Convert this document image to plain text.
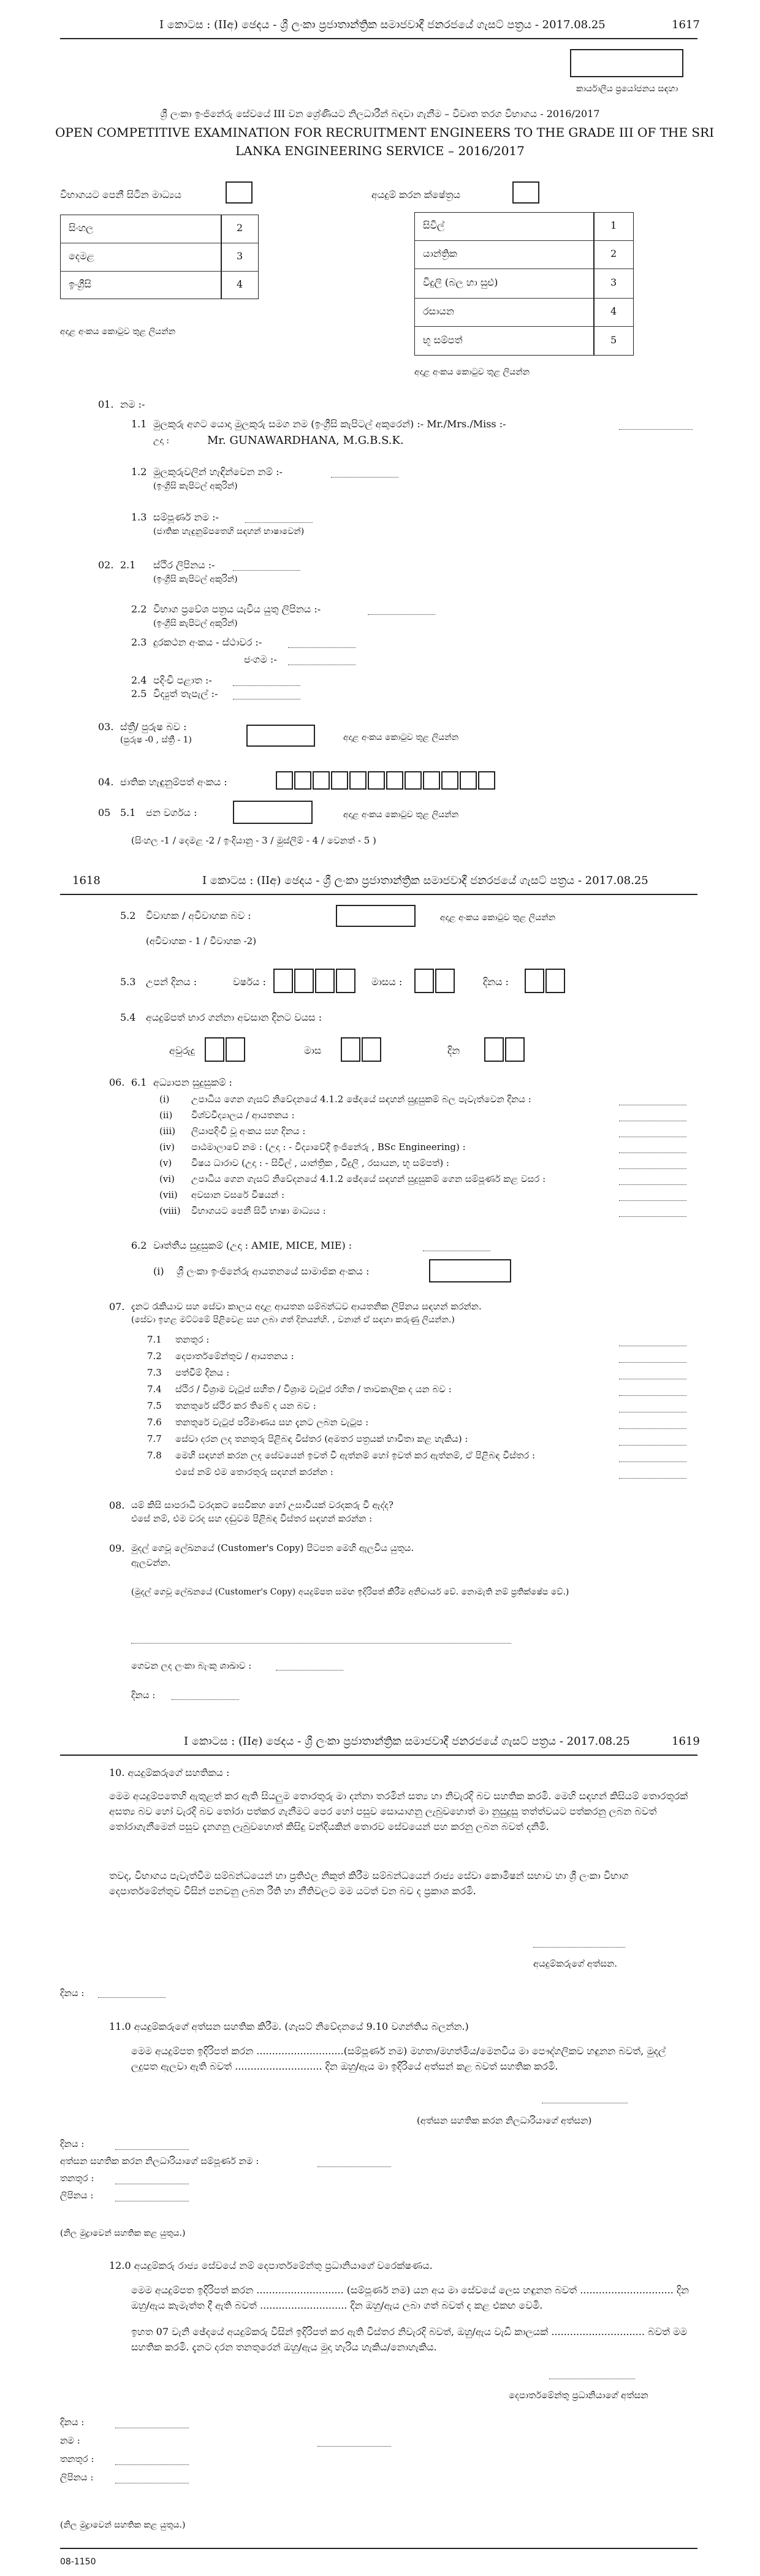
I කොටස : (IIඅ) ඡෙදය - ශ්‍රී ලංකා ප්‍රජාතාන්ත්‍රික සමාජවාදී ජනරජයේ ගැසට් පත්‍රය - 2017.08.25	1617
කාර්යාලීය ප්‍රයෝජනය සඳහා
ශ්‍රී ලංකා ඉංජිනේරු සේවයේ III වන ශ්‍රේණියට නිලධාරීන් බඳවා ගැනීම – විවෘත තරග විභාගය - 2016/2017
OPEN COMPETITIVE EXAMINATION FOR RECRUITMENT ENGINEERS TO THE GRADE III OF THE SRI
LANKA ENGINEERING SERVICE – 2016/2017
විභාගයට පෙනී සිටින මාධ්‍යය
සිංහල	2
දෙමළ	3
ඉංග්‍රීසි	4
අදාළ අංකය කොටුව තුළ ලියන්න
අයදුම් කරන ක්ෂේත්‍රය
සිවිල්	1
යාන්ත්‍රික	2
විදුලි (බල හා සුළු)	3
රසායන	4
භූ සම්පත්	5
අදාළ අංකය කොටුව තුළ ලියන්න
01. නම :-
1.1 මුලකුරු අගට යොදා මුලකුරු සමග නම (ඉංග්‍රීසි කැපිටල් අකුරෙන්) :- Mr./Mrs./Miss :-
උදා :	Mr. GUNAWARDHANA, M.G.B.S.K.
1.2 මුලකුරුවලින් හැඳින්වෙන නම් :-
(ඉංග්‍රීසි කැපිටල් අකුරින්)
1.3 සම්පූර්ණ නම :-
(ජාතික හැඳුනුම්පතෙහි සඳහන් භාෂාවෙන්)
02. 2.1 ස්ථිර ලිපිනය :-
(ඉංග්‍රීසි කැපිටල් අකුරින්)
2.2 විභාග ප්‍රවේශ පත්‍රය යැවිය යුතු ලිපිනය :-
(ඉංග්‍රීසි කැපිටල් අකුරින්)
2.3 දුරකථන අංකය - ස්ථාවර :-
ජංගම :-
2.4 පදිංචි පළාත :-
2.5 විද්‍යුත් තැපැල් :-
03. ස්ත්‍රී/ පුරුෂ බව :
(පුරුෂ -0 , ස්ත්‍රී - 1)	අදාළ අංකය කොටුව තුළ ලියන්න
04. ජාතික හැඳුනුම්පත් අංකය :
05 5.1 ජන වර්ගය :	අදාළ අංකය කොටුව තුළ ලියන්න
(සිංහල -1 / දෙමළ -2 / ඉංදියානු - 3 / මුස්ලිම් - 4 / වෙනත් - 5 )
1618	I කොටස : (IIඅ) ඡෙදය - ශ්‍රී ලංකා ප්‍රජාතාන්ත්‍රික සමාජවාදී ජනරජයේ ගැසට් පත්‍රය - 2017.08.25
5.2 විවාහක / අවිවාහක බව :	අදාළ අංකය කොටුව තුළ ලියන්න
(අවිවාහක - 1 / විවාහක -2)
5.3 උපන් දිනය :	වර්ෂය :	මාසය :	දිනය :
5.4 අයදුම්පත් භාර ගන්නා අවසාන දිනට වයස :
අවුරුදු	මාස	දින
06. 6.1 අධ්‍යාපන සුදුසුකම් :
(i) උපාධිය ගෙන ගැසට් නිවේදනයේ 4.1.2 ඡේදයේ සඳහන් සුදුසුකම් බල පැවැත්වෙන දිනය :
(ii) විශ්වවිද්‍යාලය / ආයතනය :
(iii) ලියාපදිංචි වූ අංකය සහ දිනය :
(iv) පාඨමාලාවේ නම : (උදා : - විද්‍යාවේදී ඉංජිනේරු , BSc Engineering) :
(v) විෂය ධාරාව (උදා : - සිවිල් , යාන්ත්‍රික , විදුලි , රසායන, භූ සම්පත්) :
(vi) උපාධිය ගෙන ගැසට් නිවේදනයේ 4.1.2 ඡේදයේ සඳහන් සුදුසුකම් ගෙන සම්පූර්ණ කළ වසර :
(vii) අවසාන වසරේ විෂයන් :
(viii) විභාගයට පෙනී සිටි භාෂා මාධ්‍යය :
6.2 වෘත්තීය සුදුසුකම් (උදා : AMIE, MICE, MIE) :
(i) ශ්‍රී ලංකා ඉංජිනේරු ආයතනයේ සාමාජික අංකය :
07. දැනට රැකියාව සහ සේවා කාලය අදාළ ආයතන සම්බන්ධව ආයතනික ලිපිනය සඳහන් කරන්න.
(සේවා ඉහළ මට්ටමේ පිළිවෙළ සහ ලබා ගත් දිනයන්හි. , වනාන් ඒ සඳහා කරුණු ලියන්න.)
7.1 තනතුර :
7.2 දෙපාර්තමේන්තුව / ආයතනය :
7.3 පත්වීම් දිනය :
7.4 ස්ථිර / විශ්‍රාම වැටුප් සහිත / විශ්‍රාම වැටුප් රහිත / තාවකාලික ද යන බව :
7.5 තනතුරේ ස්ථිර කර තිබේ ද යන බව :
7.6 තනතුරේ වැටුප් පරිමාණය සහ දැනට ලබන වැටුප :
7.7 සේවා දරන ලද තනතුරු පිළිබඳ විස්තර (අමතර පත්‍රයක් භාවිතා කළ හැකිය) :
7.8 මෙහි සඳහන් කරන ලද සේවයෙන් ඉවත් වී ඇත්නම් හෝ ඉවත් කර ඇත්නම්, ඒ පිළිබඳ විස්තර :
එසේ නම් එම තොරතුරු සඳහන් කරන්න :
08. යම් කිසි සාපරාධී වරදකට සෙවිකහ හෝ උසාවියක් වරදකරු වී ඇද්ද?
එසේ නම්, එම වරද සහ දඬුවම පිළිබඳ විස්තර සඳහන් කරන්න :
09. මුදල් ගෙවූ ලේඛනයේ (Customer's Copy) පිටපත මෙහි ඇලවිය යුතුය.
ඇලවන්න.
(මුදල් ගෙවූ ලේඛනයේ (Customer's Copy) අයදුම්පත සමඟ ඉදිරිපත් කිරීම අනිවාර්ය වේ. නොමැති නම් ප්‍රතික්ෂේප වේ.)
ගෙවන ලද ලංකා බැංකු ශාඛාව :
දිනය :
I කොටස : (IIඅ) ඡෙදය - ශ්‍රී ලංකා ප්‍රජාතාන්ත්‍රික සමාජවාදී ජනරජයේ ගැසට් පත්‍රය - 2017.08.25	1619
10. අයදුම්කරුගේ සහතිකය :
මෙම අයදුම්පතෙහි ඇතුළත් කර ඇති සියලුම තොරතුරු මා දන්නා තරමින් සත්‍ය හා නිවැරදි බව සහතික කරමි. මෙහි සඳහන් කිසියම් තොරතුරක් අසත්‍ය බව හෝ වැරදි බව තෝරා පත්කර ගැනීමට පෙර හෝ පසුව සොයාගනු ලැබුවහොත් මා නුසුදුසු තත්ත්වයට පත්කරනු ලබන බවත් තෝරාගැනීමෙන් පසුව දැනගනු ලැබුවහොත් කිසිදු වන්දියකින් තොරව සේවයෙන් පහ කරනු ලබන බවත් දනිමි.
තවද, විභාගය පැවැත්වීම සම්බන්ධයෙන් හා ප්‍රතිඵල නිකුත් කිරීම සම්බන්ධයෙන් රාජ්‍ය සේවා කොමිෂන් සභාව හා ශ්‍රී ලංකා විභාග දෙපාර්තමේන්තුව විසින් පනවනු ලබන රීති හා නීතිවලට මම යටත් වන බව ද ප්‍රකාශ කරමි.
අයදුම්කරුගේ අත්සන.
දිනය :
11.0 අයදුම්කරුගේ අත්සන සහතික කිරීම. (ගැසට් නිවේදනයේ 9.10 වගන්තිය බලන්න.)
මෙම අයදුම්පත ඉදිරිපත් කරන ............................(සම්පූර්ණ නම) මහතා/මහත්මිය/මෙනවිය මා පෞද්ගලිකව හඳුනන බවත්, මුදල් ලදුපත ඇලවා ඇති බවත් ............................ දින ඔහු/ඇය මා ඉදිරියේ අත්සන් කළ බවත් සහතික කරමි.
(අත්සන සහතික කරන නිලධාරියාගේ අත්සන)
දිනය :
අත්සන සහතික කරන නිලධාරියාගේ සම්පූර්ණ නම :
තනතුර :
ලිපිනය :
(නිල මුද්‍රාවෙන් සහතික කළ යුතුය.)
12.0 අයදුම්කරු රාජ්‍ය සේවයේ නම් දෙපාර්තමේන්තු ප්‍රධානියාගේ වරෙක්ෂණය.
මෙම අයදුම්පත ඉදිරිපත් කරන ............................ (සම්පූර්ණ නම) යන අය මා සේවයේ ලෙස හඳුනන බවත් .............................. දින ඔහු/ඇය කැමැත්ත දී ඇති බවත් ............................ දින ඔහු/ඇය ලබා ගත් බවත් ද කළ එකඟ වෙමි.
ඉහත 07 වැනි ඡේදයේ අයදුම්කරු විසින් ඉදිරිපත් කර ඇති විස්තර නිවැරදි බවත්, ඔහු/ඇය වැඩි කාලයක් .............................. බවත් මම සහතික කරමි. දැනට දරන තනතුරෙන් ඔහු/ඇය මුදා හැරිය හැකිය/නොහැකිය.
දෙපාර්තමේන්තු ප්‍රධානියාගේ අත්සන
දිනය :
නම :
තනතුර :
ලිපිනය :
(නිල මුද්‍රාවෙන් සහතික කළ යුතුය.)
08-1150
